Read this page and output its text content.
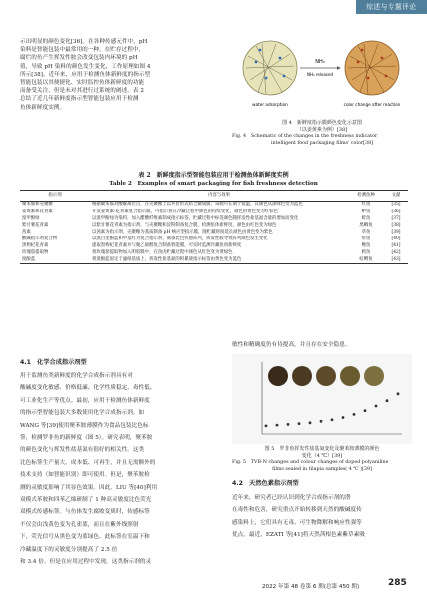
综述与专题评论
示出明显的颜色变化[36]。在各种传感元件中，pH
染料是智能包装中最常用的一种。在贮存过程中，
腐烂的鱼产生挥发性胺会改变包装内环境的 pH
值，导致 pH 染料的颜色发生变化，工作原理如图 4
所示[38]。近年来，应用于检测鱼体新鲜度的指示型
智能包装以其便捷化、实时监控鱼体新鲜度的功能
而备受关注，但是未对其进行过系统的阐述。表 2
总结了近几年新鲜度指示型智能包装应用于检测
鱼体新鲜度实例。
NH₃
NH₃ released
water adsorption	color change after reaction
图 4　新鲜度指示膜颜色变化示意图
（以姜黄素为例）[38]
Fig. 4　Schematic of the changes in the freshness indicator
intelligent food packaging films' color[38]
表 2　新鲜度指示型智能包装应用于检测鱼体新鲜度实例
Table 2　Examples of smart packaging for fish freshness detection
指示剂	内容与效果	检测鱼种	文献
聚苯胺和壳聚糖	根据聚苯胺对酸解离位点，在壳聚糖上以共价形式结合做成膜；该膜可长期于低温，其颜色从深绿色变为蓝色	红鱼	[35]
姜黄素和花青素	开发姜黄素-花青素复合指示膜，可指示鱼在冷藏过程中颜色的持续变化，颜色由黄色变为红棕色	鲈鱼	[36]
溴甲酚绿	以溴甲酚绿为染料，加入醋酸纤维素制成指示标签，贮藏过程中标签颜色随挥发性盐基氮含量的增加而变化	鲑鱼	[37]
紫甘薯花青素	以紫甘薯花青素为指示剂，与壳聚糖和淀粉制备复合膜，检测鱼体新鲜度，颜色由红色变为绿色	黑鲷鱼	[38]
茜素	以茜素为指示剂，壳聚糖为基质制备 pH 响应型指示膜，随贮藏时间延长颜色由黄色变为紫色	草鱼	[39]
酸碱指示剂复合物	以溴百里酚蓝和甲基红为复合指示剂，制备比色传感阵列，挥发性胺导致阵列颜色发生变化	带鱼	[40]
黑枸杞花青素	提取黑枸杞花青素并与聚乙烯醇复合制备智能膜，可实时监测冷藏鱼肉新鲜度	鲤鱼	[41]
玫瑰茄提取物	将玫瑰茄提取物加入明胶膜中，在鱼肉贮藏过程中颜色从红色变为黄绿色	鳕鱼	[42]
溴酚蓝	将溴酚蓝固定于滤纸基质上，挥发性盐基氮的积累使指示标签由黄色变为蓝色	虹鳟鱼	[43]
4.1　化学合成指示剂型
用于监测鱼类新鲜度的化学合成指示剂具有对
酸碱度变化敏感、价格低廉、化学性质稳定、毒性低、
可工业化生产等优点。最初，应用于检测鱼体新鲜度
的指示型智能包装大多数使用化学合成指示剂。如
WANG 等[39]使用聚苯胺薄膜作为食品包装比色标
签，检测罗非鱼的新鲜度（图 5）。研究表明，聚苯胺
的颜色变化与挥发性盐基氮有很好的相关性。这类
比色标签生产量大，成本低、可再生，并且无需额外的
技术支持（如智能识别）即可使用。但是，聚苯胺检
测的灵敏度影响了其显色效果。因此，LIU 等[40]利用
双模式苯胺和四苯乙烯研制了 1 种高灵敏度比色荧光
双模式传感标签。与鱼体发生腐败变质时，传感标签
不仅会由浅黄色变为孔雀蓝，而且在紫外线照射
下，荧光信号从黑色变为蓝绿色。此标签在室温下和
冷藏温度下的灵敏度分别提高了 2.5 倍
和 3.4 倍。但是在应用过程中发现，这类指示剂的灵
敏性和精确度仍有待提高，并且存在安全隐患。
图 5　罗非鱼挥发性盐基氮变化及聚苯胺薄膜的颜色
变化（4 ℃）[39]
Fig. 5　TVB-N changes and colour changes of doped polyaniline
films sealed in tilapia samples( 4 ℃ )[39]
4.2　天然色素指示剂型
近年来，研究者已经认识到化学合成指示剂的潜
在毒性和危害，研究重点开始转移到天然的酸碱度传
感染料上，它们具有无毒、可生物降解和响应性强等
优点。最近，EZATI 等[41]将天然茜根色素紫草素吸
2022 年第 48 卷第 6 期(总第 450 期)	285
